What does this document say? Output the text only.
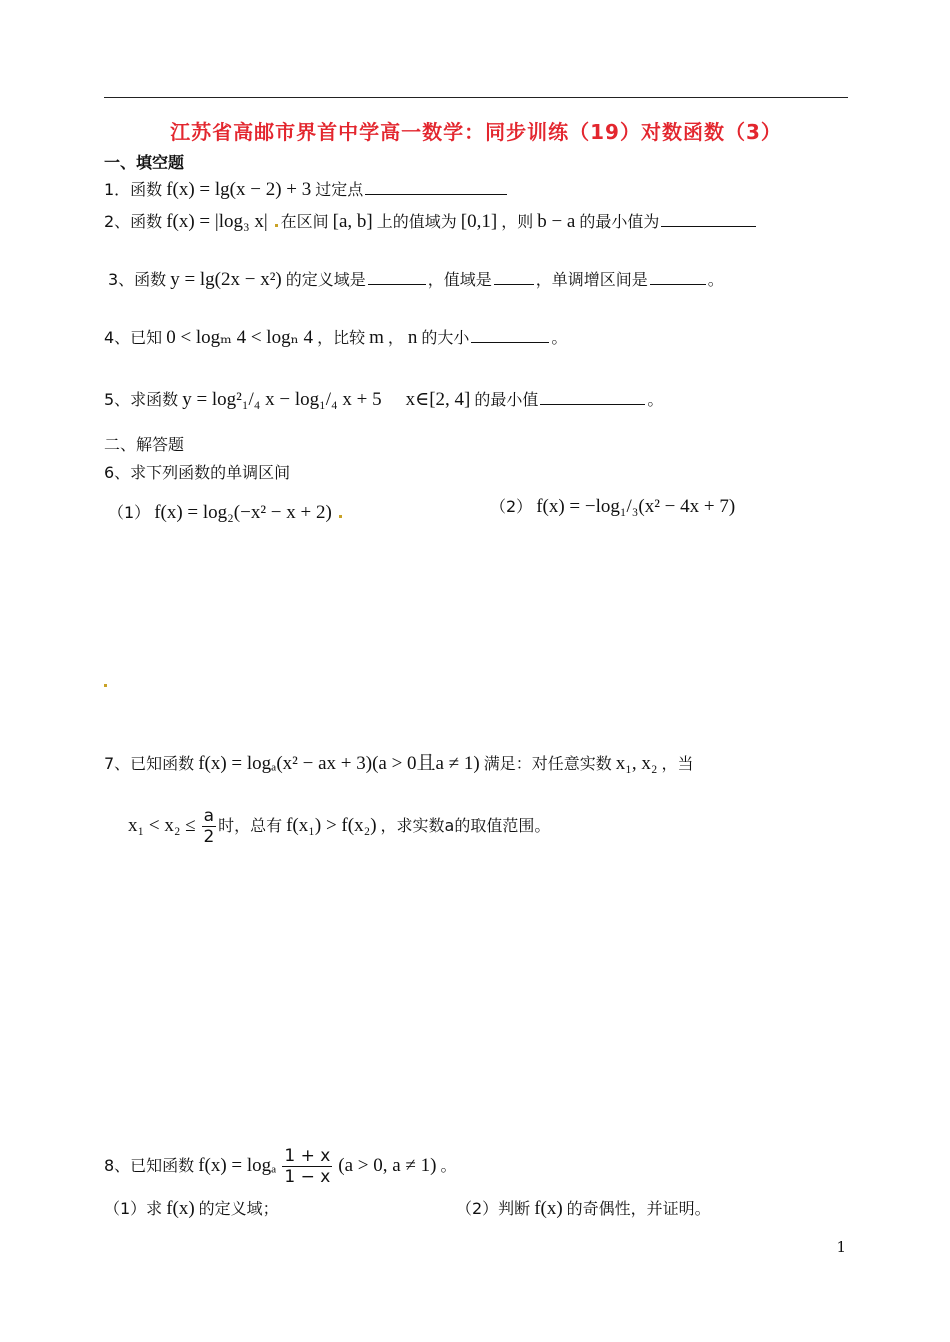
江苏省高邮市界首中学高一数学：同步训练（19）对数函数（3）
一、填空题
1．函数 f(x) = lg(x − 2) + 3 过定点
2、函数 f(x) = |log₃ x| 在区间 [a, b] 上的值域为 [0,1] ，则 b − a 的最小值为
3、函数 y = lg(2x − x²) 的定义域是	，值域是	，单调增区间是	。
4、已知 0 < logₘ 4 < logₙ 4 ，比较 m ， n 的大小	。
5、求函数 y = log²₁/₄ x − log₁/₄ x + 5 x∈[2, 4] 的最小值	。
二、解答题
6、求下列函数的单调区间
（1） f(x) = log₂(−x² − x + 2)	（2） f(x) = −log₁/₃(x² − 4x + 7)
7、已知函数 f(x) = logₐ(x² − ax + 3)(a > 0且a ≠ 1) 满足：对任意实数 x₁, x₂ ，当
$x_1 < x_2 \le \frac{a}{2}$ 时，总有 f(x₁) > f(x₂) ，求实数a的取值范围。
8、已知函数 f(x) = logₐ $\frac{1 + x}{1 - x} (a > 0$, a ≠ 1) 。
（1）求 f(x) 的定义域；	（2）判断 f(x) 的奇偶性，并证明。
1
